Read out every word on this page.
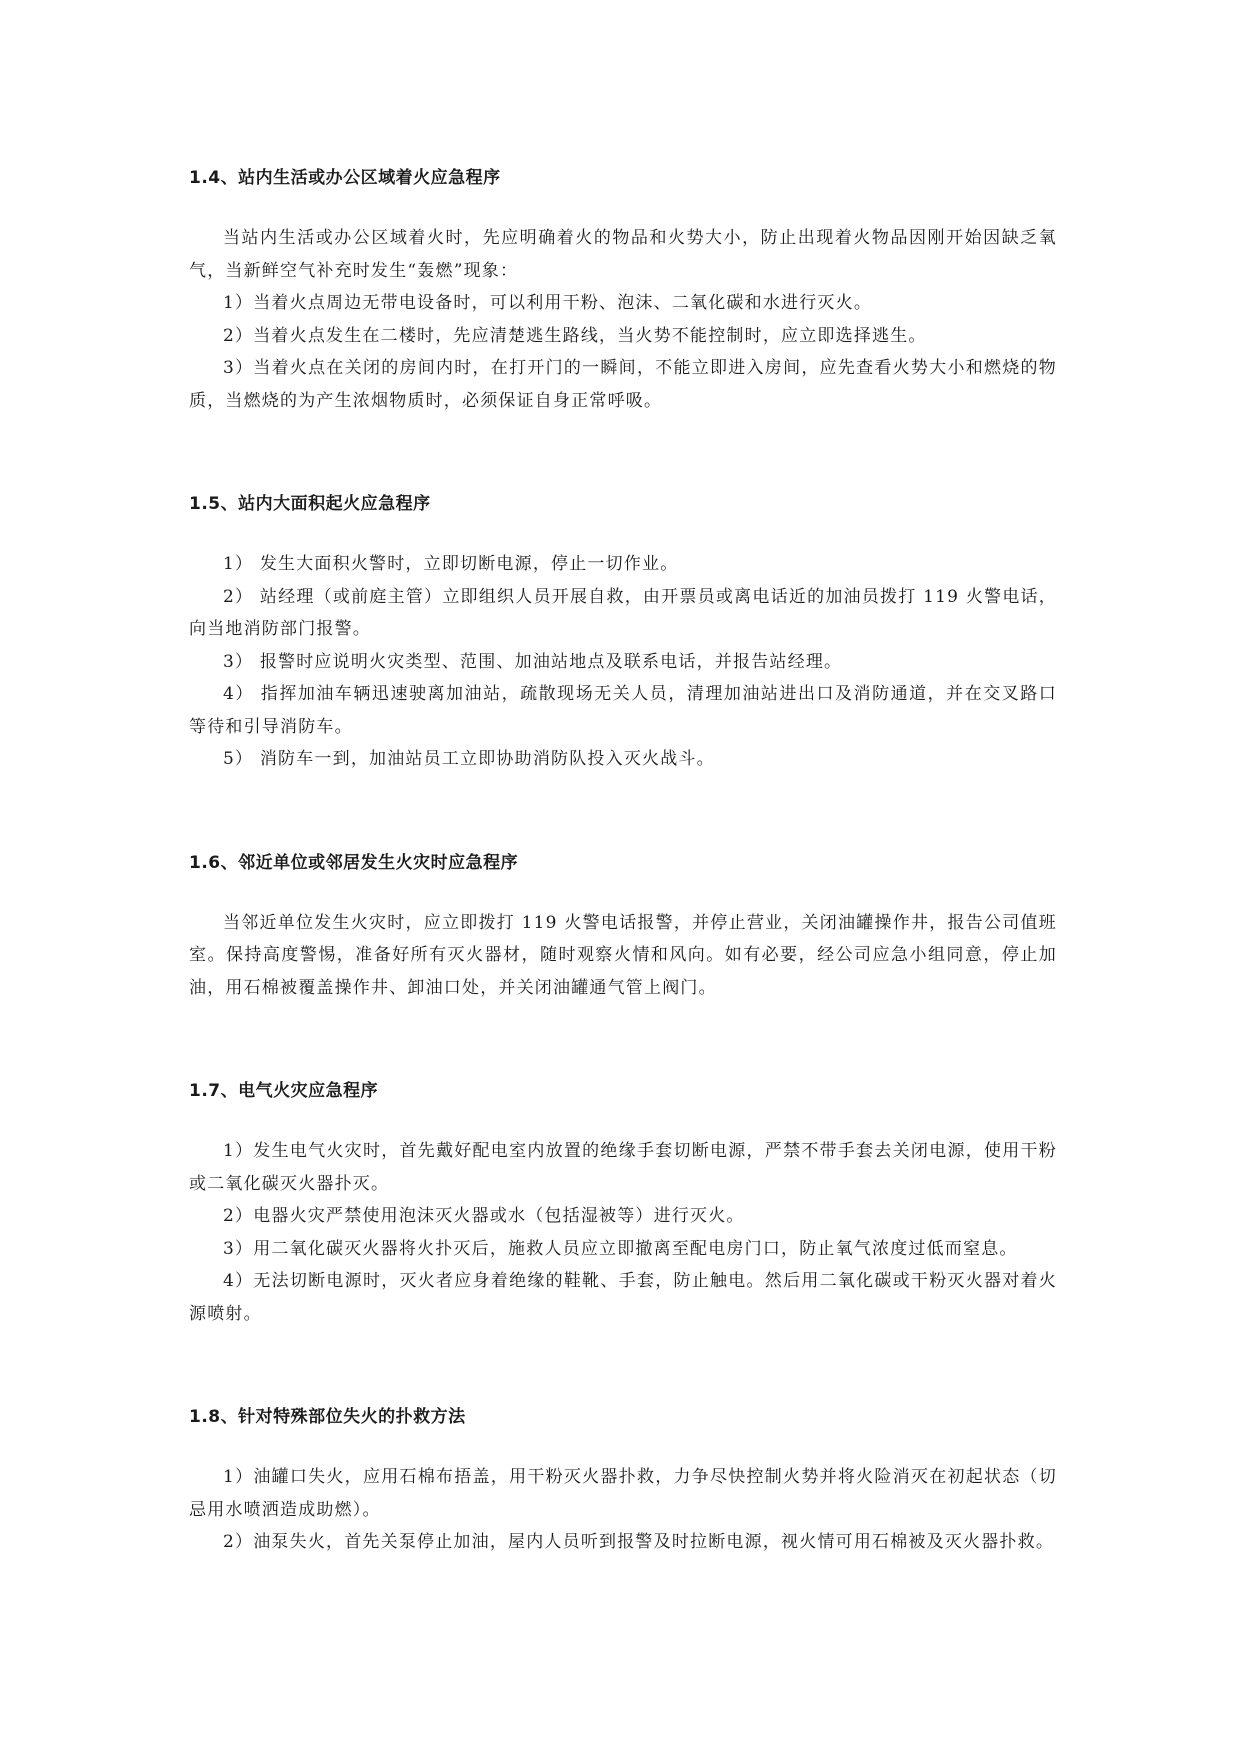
1.4、站内生活或办公区域着火应急程序

当站内生活或办公区域着火时，先应明确着火的物品和火势大小，防止出现着火物品因刚开始因缺乏氧气，当新鲜空气补充时发生“轰燃”现象：

1）当着火点周边无带电设备时，可以利用干粉、泡沫、二氧化碳和水进行灭火。

2）当着火点发生在二楼时，先应清楚逃生路线，当火势不能控制时，应立即选择逃生。

3）当着火点在关闭的房间内时，在打开门的一瞬间，不能立即进入房间，应先查看火势大小和燃烧的物质，当燃烧的为产生浓烟物质时，必须保证自身正常呼吸。

1.5、站内大面积起火应急程序

1） 发生大面积火警时，立即切断电源，停止一切作业。

2） 站经理（或前庭主管）立即组织人员开展自救，由开票员或离电话近的加油员拨打 119 火警电话，向当地消防部门报警。

3） 报警时应说明火灾类型、范围、加油站地点及联系电话，并报告站经理。

4） 指挥加油车辆迅速驶离加油站，疏散现场无关人员，清理加油站进出口及消防通道，并在交叉路口等待和引导消防车。

5） 消防车一到，加油站员工立即协助消防队投入灭火战斗。

1.6、邻近单位或邻居发生火灾时应急程序

当邻近单位发生火灾时，应立即拨打 119 火警电话报警，并停止营业，关闭油罐操作井，报告公司值班室。保持高度警惕，准备好所有灭火器材，随时观察火情和风向。如有必要，经公司应急小组同意，停止加油，用石棉被覆盖操作井、卸油口处，并关闭油罐通气管上阀门。

1.7、电气火灾应急程序

1）发生电气火灾时，首先戴好配电室内放置的绝缘手套切断电源，严禁不带手套去关闭电源，使用干粉或二氧化碳灭火器扑灭。

2）电器火灾严禁使用泡沫灭火器或水（包括湿被等）进行灭火。

3）用二氧化碳灭火器将火扑灭后，施救人员应立即撤离至配电房门口，防止氧气浓度过低而窒息。

4）无法切断电源时，灭火者应身着绝缘的鞋靴、手套，防止触电。然后用二氧化碳或干粉灭火器对着火源喷射。

1.8、针对特殊部位失火的扑救方法

1）油罐口失火，应用石棉布捂盖，用干粉灭火器扑救，力争尽快控制火势并将火险消灭在初起状态（切忌用水喷洒造成助燃）。

2）油泵失火，首先关泵停止加油，屋内人员听到报警及时拉断电源，视火情可用石棉被及灭火器扑救。
